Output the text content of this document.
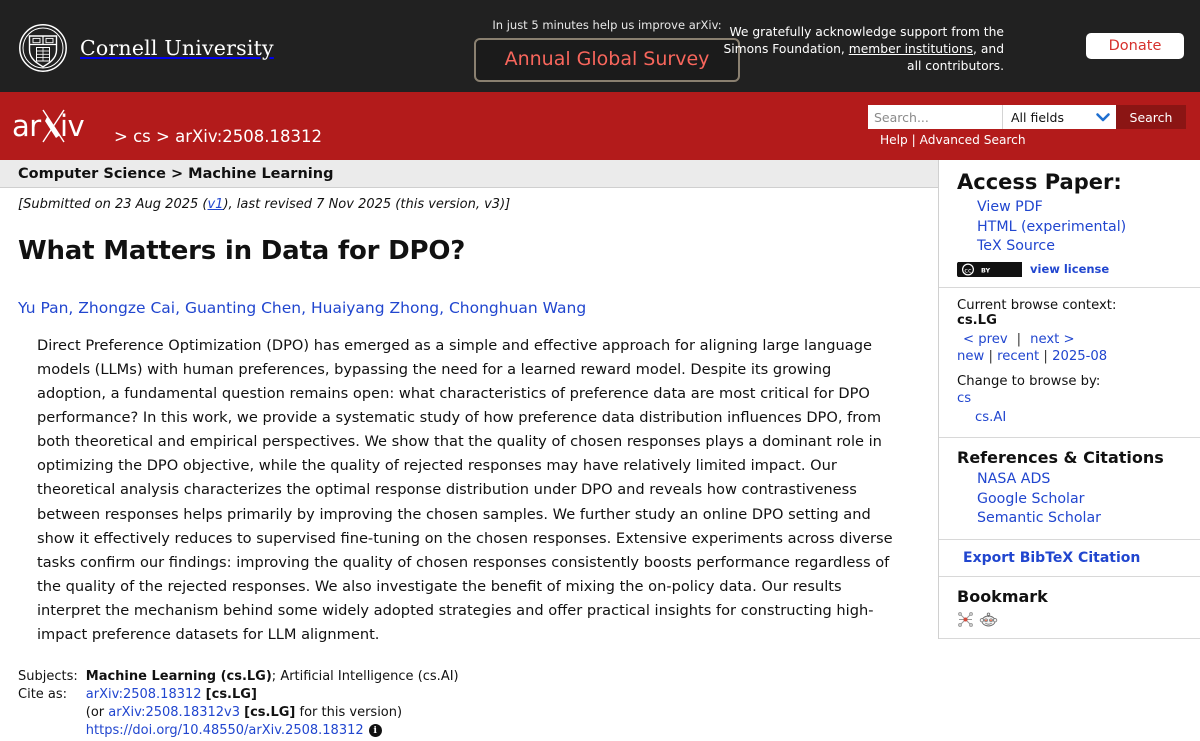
Cornell University
In just 5 minutes help us improve arXiv:
Annual Global Survey
We gratefully acknowledge support from the
Simons Foundation, member institutions, and
all contributors.
Donate
ar iv > cs > arXiv:2508.18312
Search...
All fields	Search
Help | Advanced Search
Computer Science > Machine Learning
[Submitted on 23 Aug 2025 (v1), last revised 7 Nov 2025 (this version, v3)]
What Matters in Data for DPO?
Yu Pan, Zhongze Cai, Guanting Chen, Huaiyang Zhong, Chonghuan Wang
Direct Preference Optimization (DPO) has emerged as a simple and effective approach for aligning large language models (LLMs) with human preferences, bypassing the need for a learned reward model. Despite its growing adoption, a fundamental question remains open: what characteristics of preference data are most critical for DPO performance? In this work, we provide a systematic study of how preference data distribution influences DPO, from both theoretical and empirical perspectives. We show that the quality of chosen responses plays a dominant role in optimizing the DPO objective, while the quality of rejected responses may have relatively limited impact. Our theoretical analysis characterizes the optimal response distribution under DPO and reveals how contrastiveness between responses helps primarily by improving the chosen samples. We further study an online DPO setting and show it effectively reduces to supervised fine-tuning on the chosen responses. Extensive experiments across diverse tasks confirm our findings: improving the quality of chosen responses consistently boosts performance regardless of the quality of the rejected responses. We also investigate the benefit of mixing the on-policy data. Our results interpret the mechanism behind some widely adopted strategies and offer practical insights for constructing high-impact preference datasets for LLM alignment.
Subjects:	Machine Learning (cs.LG); Artificial Intelligence (cs.AI)
Cite as:	arXiv:2508.18312 [cs.LG]
	(or arXiv:2508.18312v3 [cs.LG] for this version)
	https://doi.org/10.48550/arXiv.2508.18312 i
Access Paper:
View PDF
HTML (experimental)
TeX Source
cc BY	view license
Current browse context:
cs.LG
< prev | next >
new | recent | 2025-08
Change to browse by:
cs
cs.AI
References & Citations
NASA ADS
Google Scholar
Semantic Scholar
Export BibTeX Citation
Bookmark
